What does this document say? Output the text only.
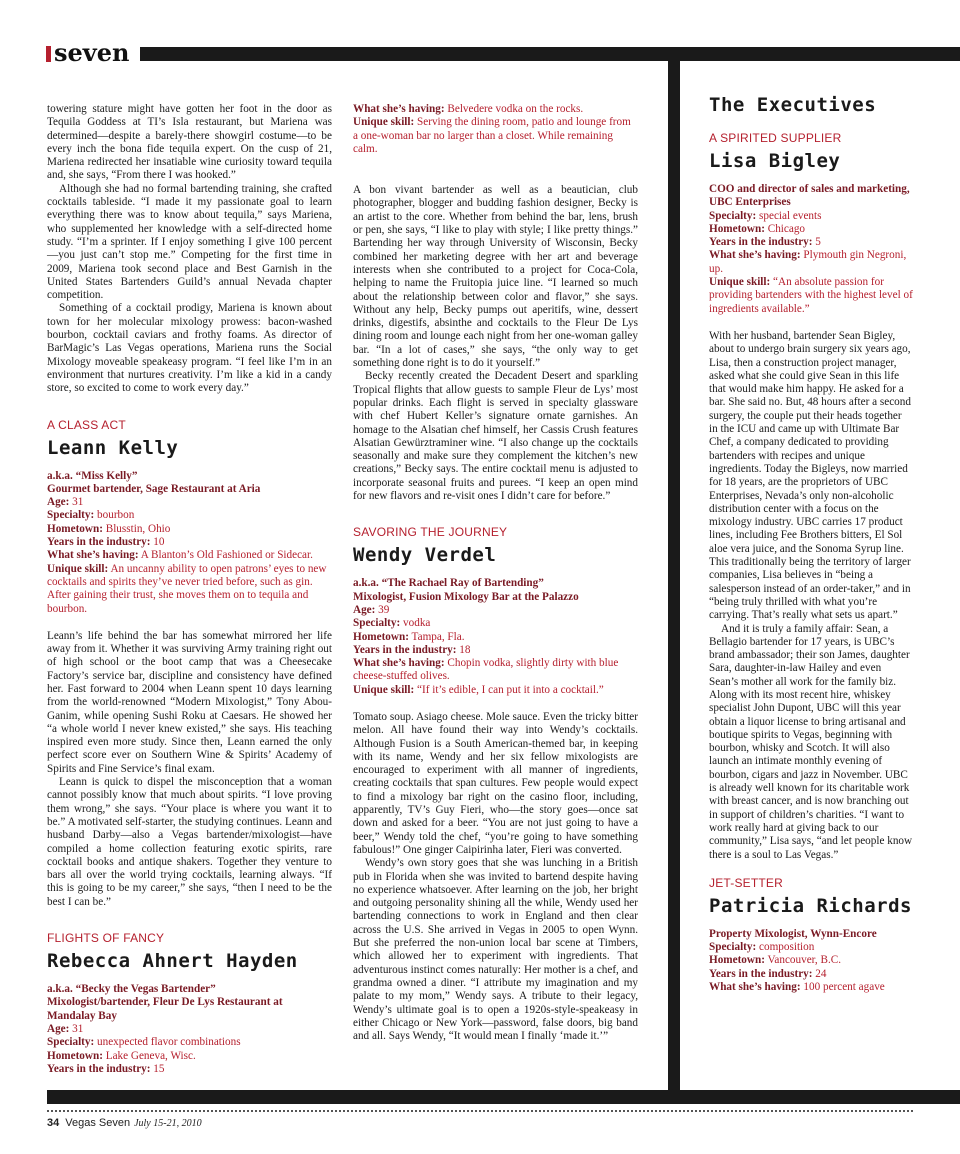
seven
34 Vegas Seven July 15-21, 2010

towering stature might have gotten her foot in the door as Tequila Goddess at TI’s Isla restaurant, but Mariena was determined—despite a barely-there showgirl costume—to be every inch the bona fide tequila expert. On the cusp of 21, Mariena redirected her insatiable wine curiosity toward tequila and, she says, “From there I was hooked.”

Although she had no formal bartending training, she crafted cocktails tableside. “I made it my passionate goal to learn everything there was to know about tequila,” says Mariena, who supplemented her knowledge with a self-directed home study. “I’m a sprinter. If I enjoy something I give 100 percent—you just can’t stop me.” Competing for the first time in 2009, Mariena took second place and Best Garnish in the United States Bartenders Guild’s annual Nevada chapter competition.

Something of a cocktail prodigy, Mariena is known about town for her molecular mixology prowess: bacon-washed bourbon, cocktail caviars and frothy foams. As director of BarMagic’s Las Vegas operations, Mariena runs the Social Mixology moveable speakeasy program. “I feel like I’m in an environment that nurtures creativity. I’m like a kid in a candy store, so excited to come to work every day.”

A CLASS ACT
Leann Kelly
a.k.a. “Miss Kelly”
Gourmet bartender, Sage Restaurant at Aria
Age: 31
Specialty: bourbon
Hometown: Blusstin, Ohio
Years in the industry: 10
What she’s having: A Blanton’s Old Fashioned or Sidecar.
Unique skill: An uncanny ability to open patrons’ eyes to new cocktails and spirits they’ve never tried before, such as gin. After gaining their trust, she moves them on to tequila and bourbon.

Leann’s life behind the bar has somewhat mirrored her life away from it. Whether it was surviving Army training right out of high school or the boot camp that was a Cheesecake Factory’s service bar, discipline and consistency have defined her. Fast forward to 2004 when Leann spent 10 days learning from the world-renowned “Modern Mixologist,” Tony Abou-Ganim, while opening Sushi Roku at Caesars. He showed her “a whole world I never knew existed,” she says. His teaching inspired even more study. Since then, Leann earned the only perfect score ever on Southern Wine & Spirits’ Academy of Spirits and Fine Service’s final exam.

Leann is quick to dispel the misconception that a woman cannot possibly know that much about spirits. “I love proving them wrong,” she says. “Your place is where you want it to be.” A motivated self-starter, the studying continues. Leann and husband Darby—also a Vegas bartender/mixologist—have compiled a home collection featuring exotic spirits, rare cocktail books and antique shakers. Together they venture to bars all over the world trying cocktails, learning always. “If this is going to be my career,” she says, “then I need to be the best I can be.”

FLIGHTS OF FANCY
Rebecca Ahnert Hayden
a.k.a. “Becky the Vegas Bartender”
Mixologist/bartender, Fleur De Lys Restaurant at Mandalay Bay
Age: 31
Specialty: unexpected flavor combinations
Hometown: Lake Geneva, Wisc.
Years in the industry: 15
What she’s having: Belvedere vodka on the rocks.
Unique skill: Serving the dining room, patio and lounge from a one-woman bar no larger than a closet. While remaining calm.

A bon vivant bartender as well as a beautician, club photographer, blogger and budding fashion designer, Becky is an artist to the core. Whether from behind the bar, lens, brush or pen, she says, “I like to play with style; I like pretty things.” Bartending her way through University of Wisconsin, Becky combined her marketing degree with her art and beverage interests when she contributed to a project for Coca-Cola, helping to name the Fruitopia juice line. “I learned so much about the relationship between color and flavor,” she says. Without any help, Becky pumps out aperitifs, wine, dessert drinks, digestifs, absinthe and cocktails to the Fleur De Lys dining room and lounge each night from her one-woman galley bar. “In a lot of cases,” she says, “the only way to get something done right is to do it yourself.”

Becky recently created the Decadent Desert and sparkling Tropical flights that allow guests to sample Fleur de Lys’ most popular drinks. Each flight is served in specialty glassware with chef Hubert Keller’s signature ornate garnishes. An homage to the Alsatian chef himself, her Cassis Crush features Alsatian Gewürztraminer wine. “I also change up the cocktails seasonally and make sure they complement the kitchen’s new creations,” Becky says. The entire cocktail menu is adjusted to incorporate seasonal fruits and purees. “I keep an open mind for new flavors and re-visit ones I didn’t care for before.”

SAVORING THE JOURNEY
Wendy Verdel
a.k.a. “The Rachael Ray of Bartending”
Mixologist, Fusion Mixology Bar at the Palazzo
Age: 39
Specialty: vodka
Hometown: Tampa, Fla.
Years in the industry: 18
What she’s having: Chopin vodka, slightly dirty with blue cheese-stuffed olives.
Unique skill: “If it’s edible, I can put it into a cocktail.”

Tomato soup. Asiago cheese. Mole sauce. Even the tricky bitter melon. All have found their way into Wendy’s cocktails. Although Fusion is a South American-themed bar, in keeping with its name, Wendy and her six fellow mixologists are encouraged to experiment with all manner of ingredients, creating cocktails that span cultures. Few people would expect to find a mixology bar right on the casino floor, including, apparently, TV’s Guy Fieri, who—the story goes—once sat down and asked for a beer. “You are not just going to have a beer,” Wendy told the chef, “you’re going to have something fabulous!” One ginger Caipirinha later, Fieri was converted.

Wendy’s own story goes that she was lunching in a British pub in Florida when she was invited to bartend despite having no experience whatsoever. After learning on the job, her bright and outgoing personality shining all the while, Wendy used her bartending connections to work in England and then clear across the U.S. She arrived in Vegas in 2005 to open Wynn. But she preferred the non-union local bar scene at Timbers, which allowed her to experiment with ingredients. That adventurous instinct comes naturally: Her mother is a chef, and grandma owned a diner. “I attribute my imagination and my palate to my mom,” Wendy says. A tribute to their legacy, Wendy’s ultimate goal is to open a 1920s-style-speakeasy in either Chicago or New York—password, false doors, big band and all. Says Wendy, “It would mean I finally ‘made it.’”

The Executives
A SPIRITED SUPPLIER
Lisa Bigley
COO and director of sales and marketing, UBC Enterprises
Specialty: special events
Hometown: Chicago
Years in the industry: 5
What she’s having: Plymouth gin Negroni, up.
Unique skill: “An absolute passion for providing bartenders with the highest level of ingredients available.”

With her husband, bartender Sean Bigley, about to undergo brain surgery six years ago, Lisa, then a construction project manager, asked what she could give Sean in this life that would make him happy. He asked for a bar. She said no. But, 48 hours after a second surgery, the couple put their heads together in the ICU and came up with Ultimate Bar Chef, a company dedicated to providing bartenders with recipes and unique ingredients. Today the Bigleys, now married for 18 years, are the proprietors of UBC Enterprises, Nevada’s only non-alcoholic distribution center with a focus on the mixology industry. UBC carries 17 product lines, including Fee Brothers bitters, El Sol aloe vera juice, and the Sonoma Syrup line. This traditionally being the territory of larger companies, Lisa believes in “being a salesperson instead of an order-taker,” and in “being truly thrilled with what you’re carrying. That’s really what sets us apart.”

And it is truly a family affair: Sean, a Bellagio bartender for 17 years, is UBC’s brand ambassador; their son James, daughter Sara, daughter-in-law Hailey and even Sean’s mother all work for the family biz. Along with its most recent hire, whiskey specialist John Dupont, UBC will this year obtain a liquor license to bring artisanal and boutique spirits to Vegas, beginning with bourbon, whisky and Scotch. It will also launch an intimate monthly evening of bourbon, cigars and jazz in November. UBC is already well known for its charitable work with breast cancer, and is now branching out in support of children’s charities. “I want to work really hard at giving back to our community,” Lisa says, “and let people know there is a soul to Las Vegas.”

JET-SETTER
Patricia Richards
Property Mixologist, Wynn-Encore
Specialty: composition
Hometown: Vancouver, B.C.
Years in the industry: 24
What she’s having: 100 percent agave
